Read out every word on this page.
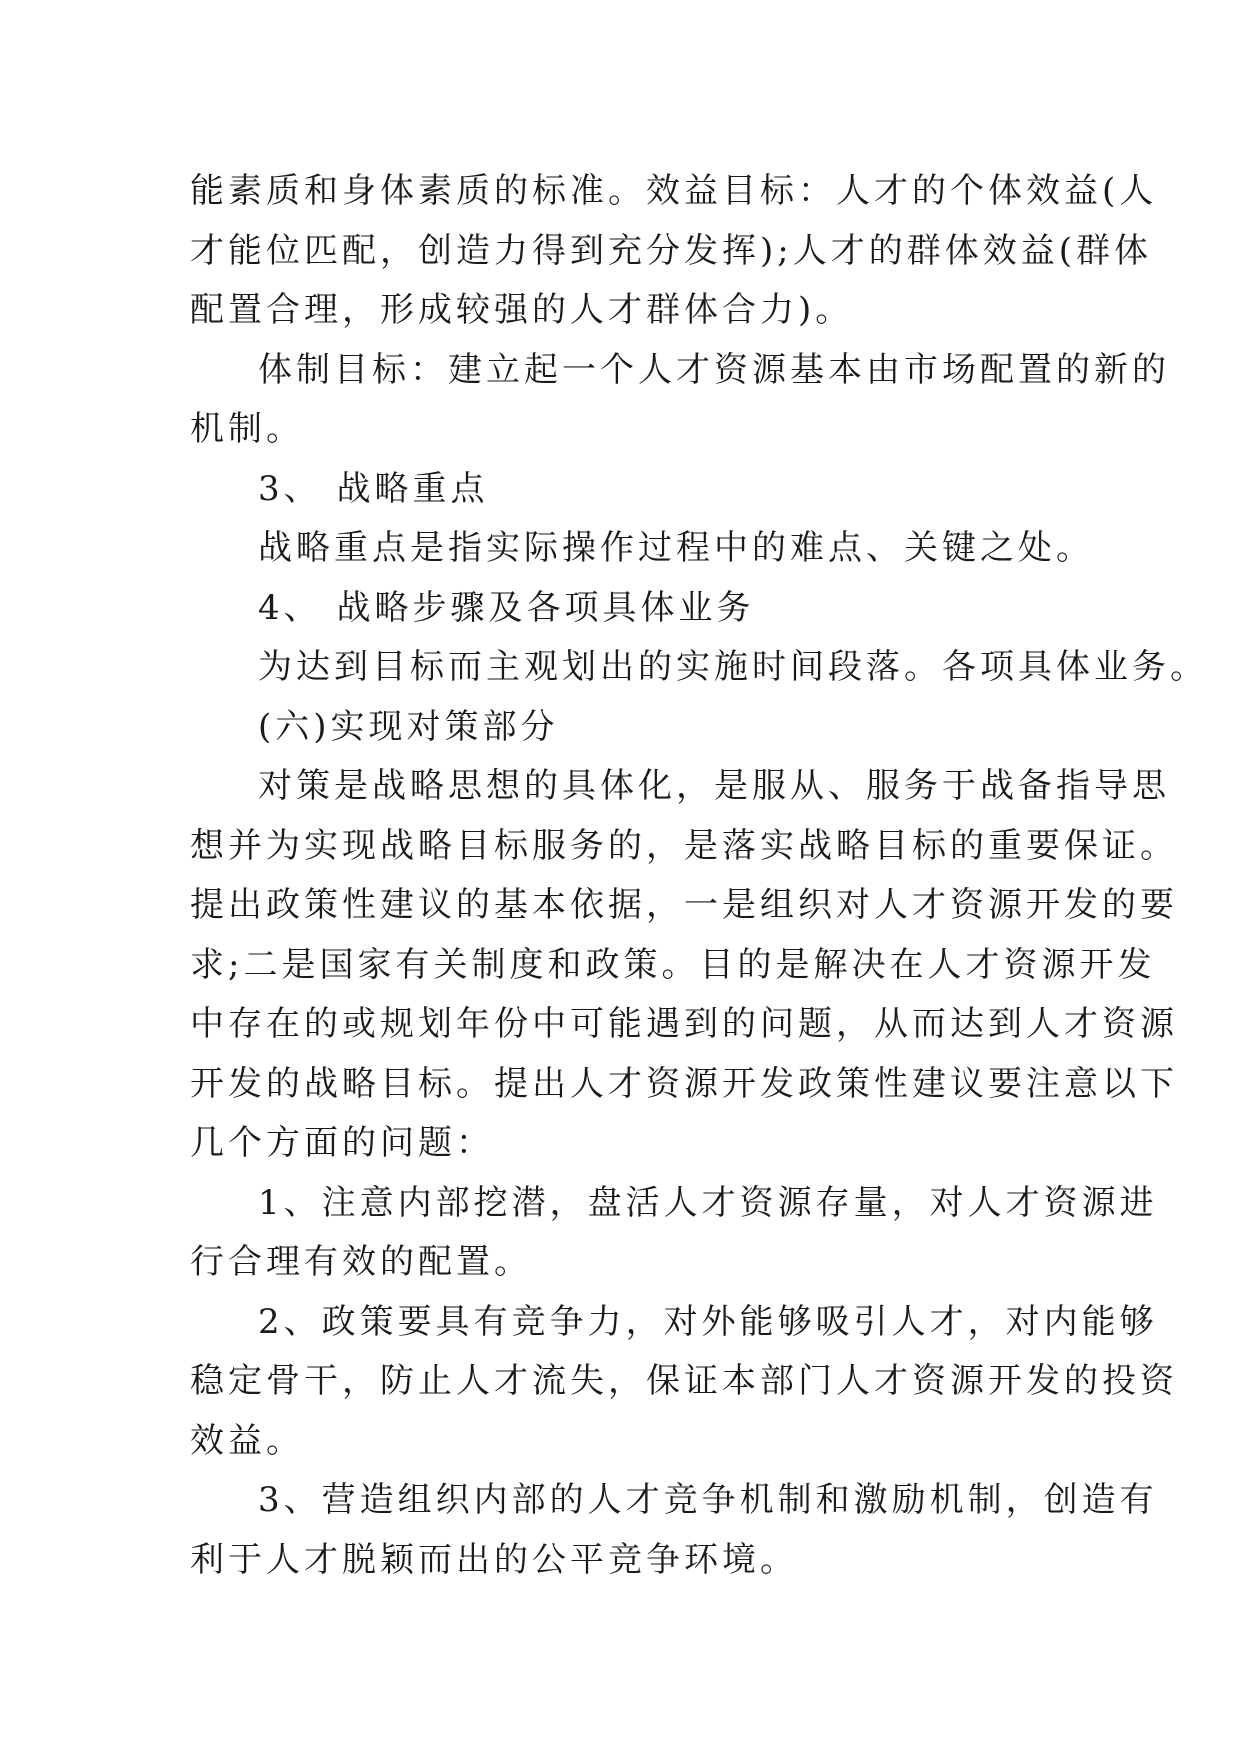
能素质和身体素质的标准。效益目标：人才的个体效益(人
才能位匹配，创造力得到充分发挥);人才的群体效益(群体
配置合理，形成较强的人才群体合力)。
体制目标：建立起一个人才资源基本由市场配置的新的
机制。
3、 战略重点
战略重点是指实际操作过程中的难点、关键之处。
4、 战略步骤及各项具体业务
为达到目标而主观划出的实施时间段落。各项具体业务。
(六)实现对策部分
对策是战略思想的具体化，是服从、服务于战备指导思
想并为实现战略目标服务的，是落实战略目标的重要保证。
提出政策性建议的基本依据，一是组织对人才资源开发的要
求;二是国家有关制度和政策。目的是解决在人才资源开发
中存在的或规划年份中可能遇到的问题，从而达到人才资源
开发的战略目标。提出人才资源开发政策性建议要注意以下
几个方面的问题：
1、注意内部挖潜，盘活人才资源存量，对人才资源进
行合理有效的配置。
2、政策要具有竞争力，对外能够吸引人才，对内能够
稳定骨干，防止人才流失，保证本部门人才资源开发的投资
效益。
3、营造组织内部的人才竞争机制和激励机制，创造有
利于人才脱颖而出的公平竞争环境。
